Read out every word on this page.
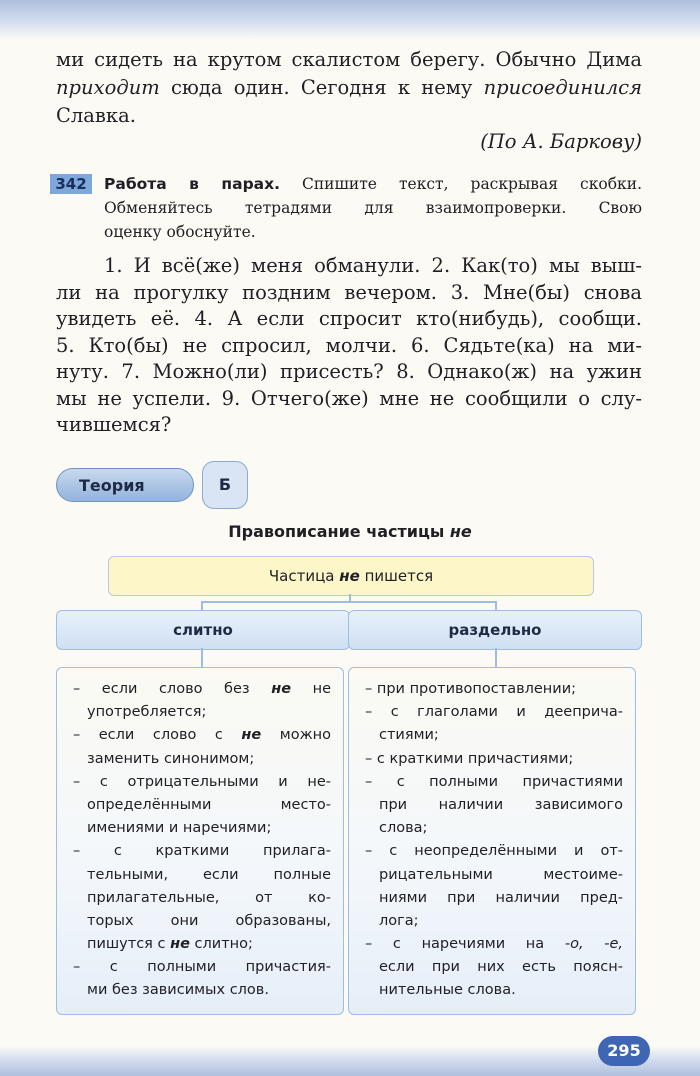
ми сидеть на крутом скалистом берегу. Обычно Дима
приходит сюда один. Сегодня к нему присоединился
Славка.
(По А. Баркову)
342	Работа в парах. Спишите текст, раскрывая скобки.
Обменяйтесь тетрадями для взаимопроверки. Свою
оценку обоснуйте.
1. И всё(же) меня обманули. 2. Как(то) мы выш-
ли на прогулку поздним вечером. 3. Мне(бы) снова
увидеть её. 4. А если спросит кто(нибудь), сообщи.
5. Кто(бы) не спросил, молчи. 6. Сядьте(ка) на ми-
нуту. 7. Можно(ли) присесть? 8. Однако(ж) на ужин
мы не успели. 9. Отчего(же) мне не сообщили о слу-
чившемся?
Теория	Б
Правописание частицы не
Частица не пишется
слитно	раздельно
– если слово без не не
употребляется;
– если слово с не можно
заменить синонимом;
– с отрицательными и не-
определёнными место-
имениями и наречиями;
– с краткими прилага-
тельными, если полные
прилагательные, от ко-
торых они образованы,
пишутся с не слитно;
– с полными причастия-
ми без зависимых слов.
– при противопоставлении;
– с глаголами и дееприча-
стиями;
– с краткими причастиями;
– с полными причастиями
при наличии зависимого
слова;
– с неопределёнными и от-
рицательными местоиме-
ниями при наличии пред-
лога;
– с наречиями на -о, -е,
если при них есть поясн-
нительные слова.
295
